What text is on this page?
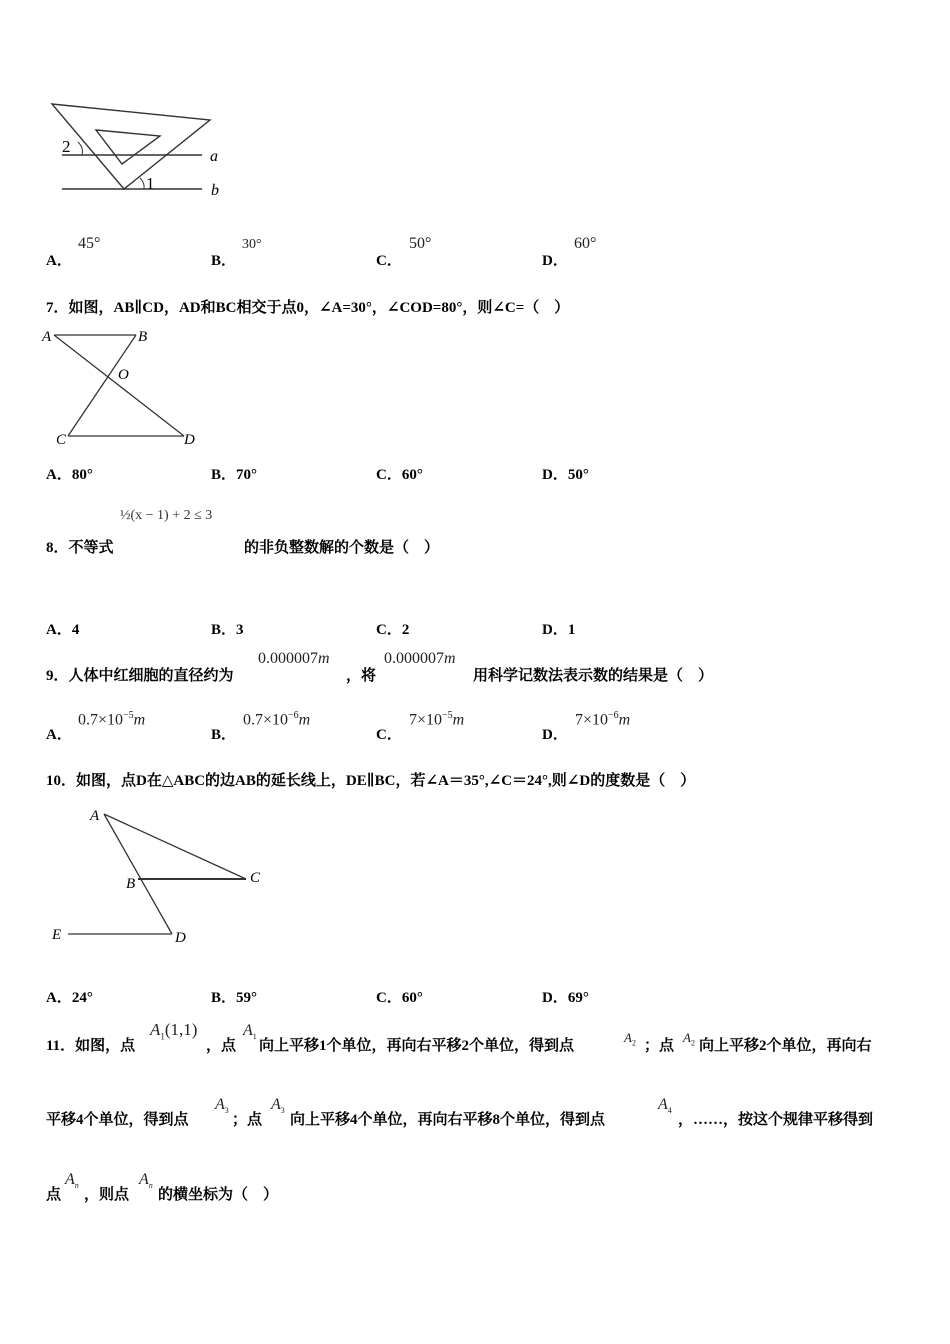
2
1
a
b
A．
45°
B．
30°
C．
50°
D．
60°
7．如图，AB∥CD，AD和BC相交于点0，∠A=30°，∠COD=80°，则∠C=（　）
A	B
O
C	D
A．80°	B．70°	C．60°	D．50°
½(x − 1) + 2 ≤ 3
8．不等式	的非负整数解的个数是（　）
A．4	B．3	C．2	D．1
9．人体中红细胞的直径约为
0.000007m
，将
0.000007m
用科学记数法表示数的结果是（　）
A．
$0.7\times 10^{-5}m$
B．
$0.7\times 10^{-6}m$
C．
$7\times 10^{-5}m$
D．
$7\times 10^{-6}m$
10．如图，点D在△ABC的边AB的延长线上，DE∥BC，若∠A＝35°,∠C＝24°,则∠D的度数是（　）
A
B	C
E	D
A．24°	B．59°	C．60°	D．69°
11．如图，点
$A_1(1,1)$
，点
$A_1$
向上平移1个单位，再向右平移2个单位，得到点
$A_2$ ；点
$A_2$ 向上平移2个单位，再向右
平移4个单位，得到点
$A_3$
；点
$A_3$
向上平移4个单位，再向右平移8个单位，得到点
$A_4$
，……，按这个规律平移得到
点
$A_n$
，则点
$A_n$
的横坐标为（　）
